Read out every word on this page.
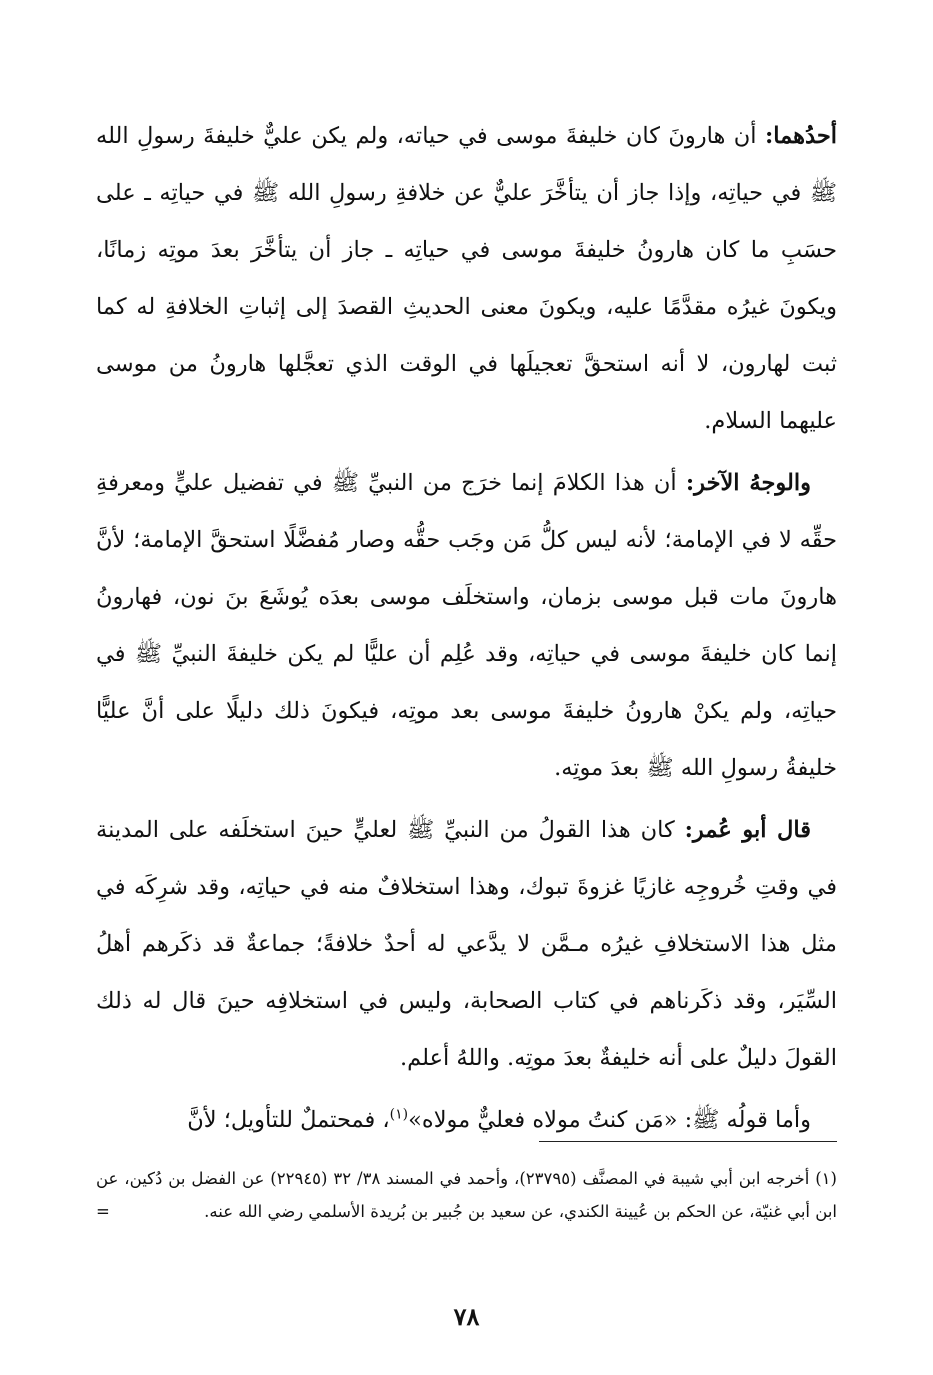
أحدُهما: أن هارونَ كان خليفةَ موسى في حياته، ولم يكن عليٌّ خليفةَ رسولِ الله ﷺ في حياتِه، وإذا جاز أن يتأخَّرَ عليٌّ عن خلافةِ رسولِ الله ﷺ في حياتِه ـ على حسَبِ ما كان هارونُ خليفةَ موسى في حياتِه ـ جاز أن يتأخَّرَ بعدَ موتِه زمانًا، ويكونَ غيرُه مقدَّمًا عليه، ويكونَ معنى الحديثِ القصدَ إلى إثباتِ الخلافةِ له كما ثبت لهارون، لا أنه استحقَّ تعجيلَها في الوقت الذي تعجَّلها هارونُ من موسى عليهما السلام.

والوجهُ الآخر: أن هذا الكلامَ إنما خرَج من النبيِّ ﷺ في تفضيل عليٍّ ومعرفةِ حقِّه لا في الإمامة؛ لأنه ليس كلُّ مَن وجَب حقُّه وصار مُفضَّلًا استحقَّ الإمامة؛ لأنَّ هارونَ مات قبل موسى بزمان، واستخلَف موسى بعدَه يُوشَعَ بنَ نون، فهارونُ إنما كان خليفةَ موسى في حياتِه، وقد عُلِم أن عليًّا لم يكن خليفةَ النبيِّ ﷺ في حياتِه، ولم يكنْ هارونُ خليفةَ موسى بعد موتِه، فيكونَ ذلك دليلًا على أنَّ عليًّا خليفةُ رسولِ الله ﷺ بعدَ موتِه.

قال أبو عُمر: كان هذا القولُ من النبيِّ ﷺ لعليٍّ حينَ استخلَفه على المدينة في وقتِ خُروجِه غازيًا غزوةَ تبوك، وهذا استخلافٌ منه في حياتِه، وقد شرِكَه في مثل هذا الاستخلافِ غيرُه مـمَّن لا يدَّعي له أحدٌ خلافةً؛ جماعةٌ قد ذكَرهم أهلُ السِّيَر، وقد ذكَرناهم في كتاب الصحابة، وليس في استخلافِه حينَ قال له ذلك القولَ دليلٌ على أنه خليفةٌ بعدَ موتِه. واللهُ أعلم.

وأما قولُه ﷺ: «مَن كنتُ مولاه فعليٌّ مولاه»$^{(١)}$، فمحتملٌ للتأويل؛ لأنَّ

(١) أخرجه ابن أبي شيبة في المصنَّف (٢٣٧٩٥)، وأحمد في المسند ٣٨/ ٣٢ (٢٢٩٤٥) عن الفضل بن دُكين، عن ابن أبي غنيّة، عن الحكم بن عُيينة الكندي، عن سعيد بن جُبير بن بُريدة الأسلمي رضي الله عنه.

=
٧٨
